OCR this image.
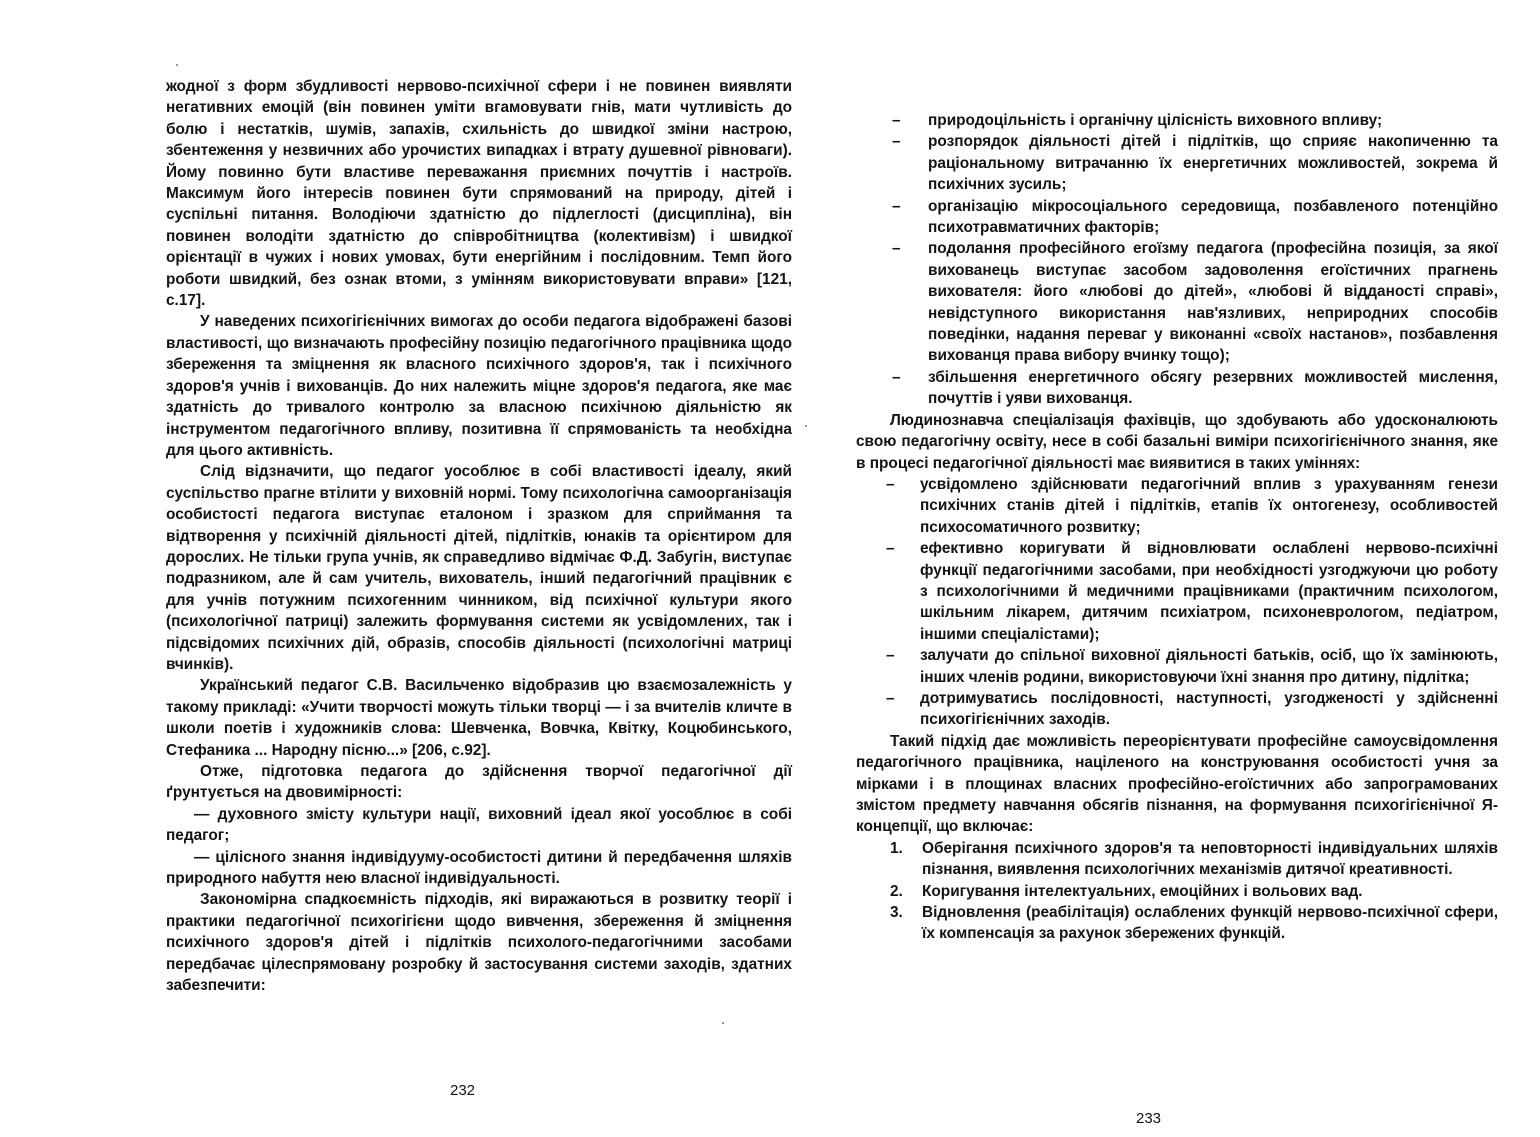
жодної з форм збудливості нервово-психічної сфери і не повинен виявляти негативних емоцій (він повинен уміти вгамовувати гнів, мати чутливість до болю і нестатків, шумів, запахів, схильність до швидкої зміни настрою, збентеження у незвичних або урочистих випадках і втрату душевної рівноваги). Йому повинно бути властиве переважання приємних почуттів і настроїв. Максимум його інтересів повинен бути спрямований на природу, дітей і суспільні питання. Володіючи здатністю до підлеглості (дисципліна), він повинен володіти здатністю до співробітництва (колективізм) і швидкої орієнтації в чужих і нових умовах, бути енергійним і послідовним. Темп його роботи швидкий, без ознак втоми, з умінням використовувати вправи» [121, с.17].

У наведених психогігієнічних вимогах до особи педагога відображені базові властивості, що визначають професійну позицію педагогічного працівника щодо збереження та зміцнення як власного психічного здоров'я, так і психічного здоров'я учнів і вихованців. До них належить міцне здоров'я педагога, яке має здатність до тривалого контролю за власною психічною діяльністю як інструментом педагогічного впливу, позитивна її спрямованість та необхідна для цього активність.

Слід відзначити, що педагог уособлює в собі властивості ідеалу, який суспільство прагне втілити у виховній нормі. Тому психологічна самоорганізація особистості педагога виступає еталоном і зразком для сприймання та відтворення у психічній діяльності дітей, підлітків, юнаків та орієнтиром для дорослих. Не тільки група учнів, як справедливо відмічає Ф.Д. Забугін, виступає подразником, але й сам учитель, вихователь, інший педагогічний працівник є для учнів потужним психогенним чинником, від психічної культури якого (психологічної патриці) залежить формування системи як усвідомлених, так і підсвідомих психічних дій, образів, способів діяльності (психологічні матриці вчинків).

Український педагог С.В. Васильченко відобразив цю взаємозалежність у такому прикладі: «Учити творчості можуть тільки творці — і за вчителів кличте в школи поетів і художників слова: Шевченка, Вовчка, Квітку, Коцюбинського, Стефаника ... Народну пісню...» [206, с.92].

Отже, підготовка педагога до здійснення творчої педагогічної дії ґрунтується на двовимірності:

— духовного змісту культури нації, виховний ідеал якої уособлює в собі педагог;

— цілісного знання індивідууму-особистості дитини й передбачення шляхів природного набуття нею власної індивідуальності.

Закономірна спадкоємність підходів, які виражаються в розвитку теорії і практики педагогічної психогігієни щодо вивчення, збереження й зміцнення психічного здоров'я дітей і підлітків психолого-педагогічними засобами передбачає цілеспрямовану розробку й застосування системи заходів, здатних забезпечити:

232
– природоцільність і органічну цілісність виховного впливу;
– розпорядок діяльності дітей і підлітків, що сприяє накопиченню та раціональному витрачанню їх енергетичних можливостей, зокрема й психічних зусиль;
– організацію мікросоціального середовища, позбавленого потенційно психотравматичних факторів;
– подолання професійного егоїзму педагога (професійна позиція, за якої вихованець виступає засобом задоволення егоїстичних прагнень вихователя: його «любові до дітей», «любові й відданості справі», невідступного використання нав'язливих, неприродних способів поведінки, надання переваг у виконанні «своїх настанов», позбавлення вихованця права вибору вчинку тощо);
– збільшення енергетичного обсягу резервних можливостей мислення, почуттів і уяви вихованця.

Людинознавча спеціалізація фахівців, що здобувають або удосконалюють свою педагогічну освіту, несе в собі базальні виміри психогігієнічного знання, яке в процесі педагогічної діяльності має виявитися в таких уміннях:

– усвідомлено здійснювати педагогічний вплив з урахуванням генези психічних станів дітей і підлітків, етапів їх онтогенезу, особливостей психосоматичного розвитку;
– ефективно коригувати й відновлювати ослаблені нервово-психічні функції педагогічними засобами, при необхідності узгоджуючи цю роботу з психологічними й медичними працівниками (практичним психологом, шкільним лікарем, дитячим психіатром, психоневрологом, педіатром, іншими спеціалістами);
– залучати до спільної виховної діяльності батьків, осіб, що їх замінюють, інших членів родини, використовуючи їхні знання про дитину, підлітка;
– дотримуватись послідовності, наступності, узгодженості у здійсненні психогігієнічних заходів.

Такий підхід дає можливість переорієнтувати професійне самоусвідомлення педагогічного працівника, націленого на конструювання особистості учня за мірками і в площинах власних професійно-егоїстичних або запрограмованих змістом предмету навчання обсягів пізнання, на формування психогігієнічної Я-концепції, що включає:

1. Оберігання психічного здоров'я та неповторності індивідуальних шляхів пізнання, виявлення психологічних механізмів дитячої креативності.
2. Коригування інтелектуальних, емоційних і вольових вад.
3. Відновлення (реабілітація) ослаблених функцій нервово-психічної сфери, їх компенсація за рахунок збережених функцій.
233
